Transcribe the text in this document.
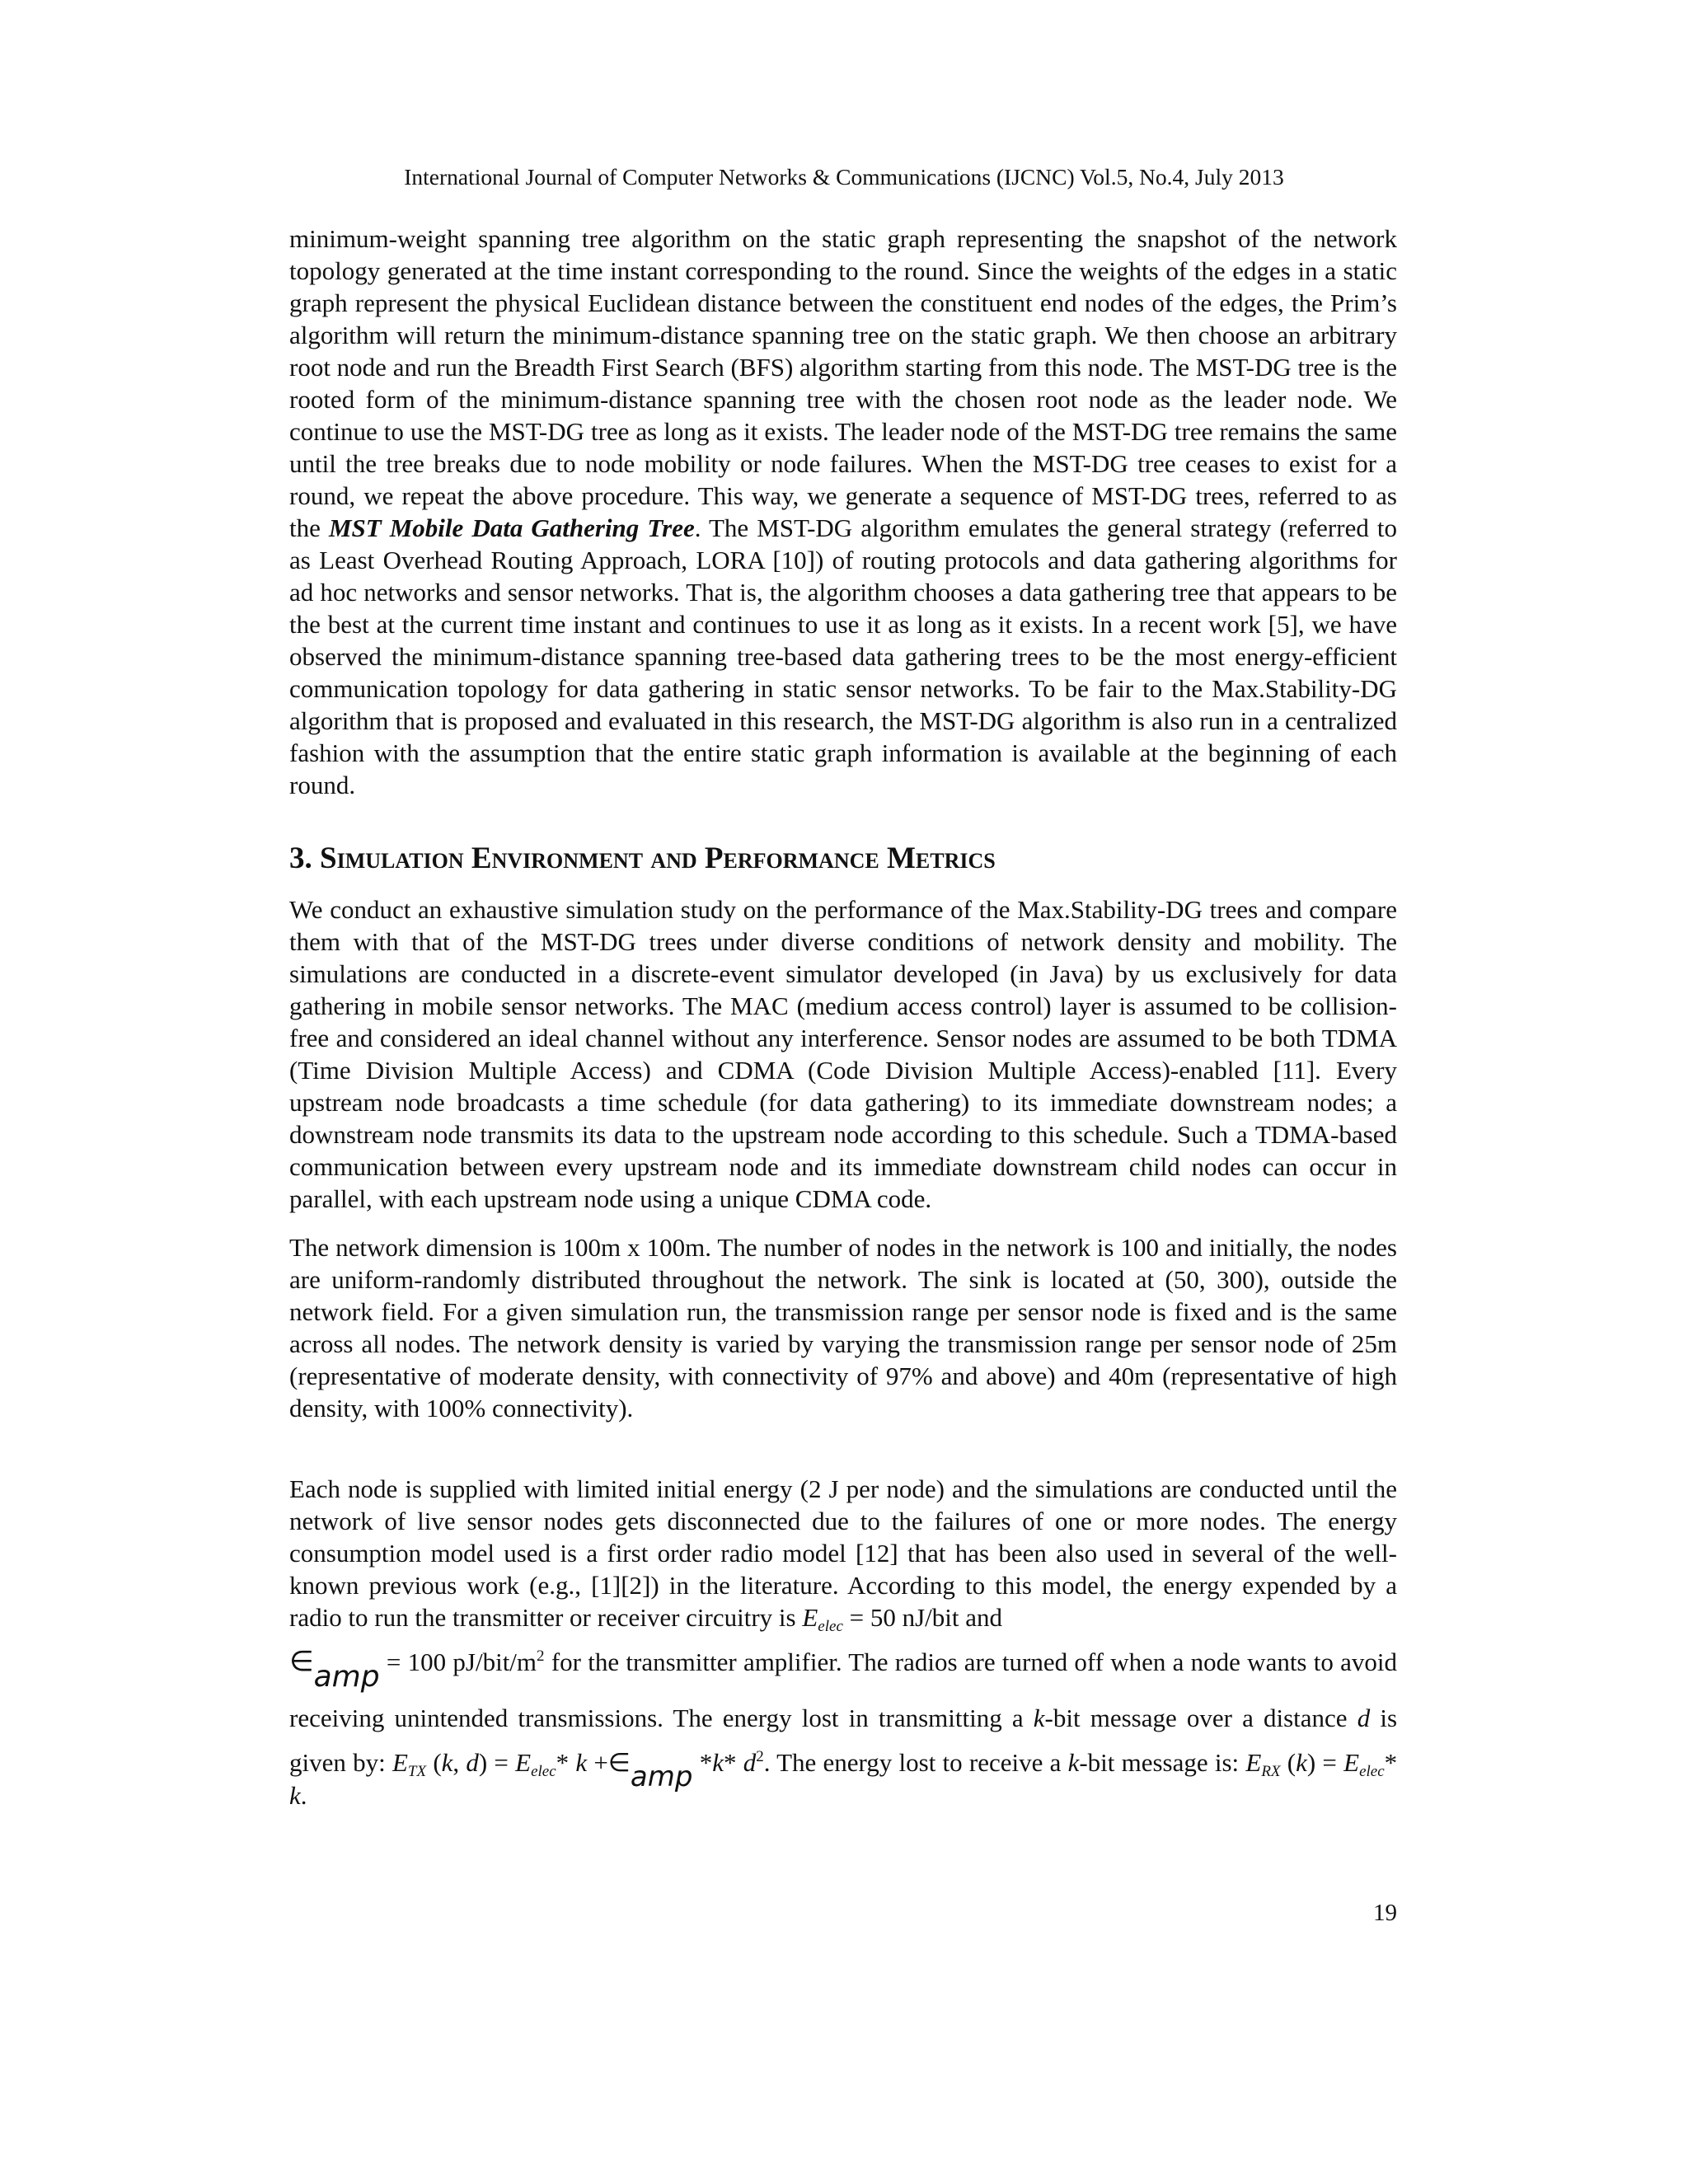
International Journal of Computer Networks & Communications (IJCNC) Vol.5, No.4, July 2013

minimum-weight spanning tree algorithm on the static graph representing the snapshot of the network topology generated at the time instant corresponding to the round. Since the weights of the edges in a static graph represent the physical Euclidean distance between the constituent end nodes of the edges, the Prim’s algorithm will return the minimum-distance spanning tree on the static graph. We then choose an arbitrary root node and run the Breadth First Search (BFS) algorithm starting from this node. The MST-DG tree is the rooted form of the minimum-distance spanning tree with the chosen root node as the leader node. We continue to use the MST-DG tree as long as it exists. The leader node of the MST-DG tree remains the same until the tree breaks due to node mobility or node failures. When the MST-DG tree ceases to exist for a round, we repeat the above procedure. This way, we generate a sequence of MST-DG trees, referred to as the MST Mobile Data Gathering Tree. The MST-DG algorithm emulates the general strategy (referred to as Least Overhead Routing Approach, LORA [10]) of routing protocols and data gathering algorithms for ad hoc networks and sensor networks. That is, the algorithm chooses a data gathering tree that appears to be the best at the current time instant and continues to use it as long as it exists. In a recent work [5], we have observed the minimum-distance spanning tree-based data gathering trees to be the most energy-efficient communication topology for data gathering in static sensor networks. To be fair to the Max.Stability-DG algorithm that is proposed and evaluated in this research, the MST-DG algorithm is also run in a centralized fashion with the assumption that the entire static graph information is available at the beginning of each round.

3. Simulation Environment and Performance Metrics

We conduct an exhaustive simulation study on the performance of the Max.Stability-DG trees and compare them with that of the MST-DG trees under diverse conditions of network density and mobility. The simulations are conducted in a discrete-event simulator developed (in Java) by us exclusively for data gathering in mobile sensor networks. The MAC (medium access control) layer is assumed to be collision-free and considered an ideal channel without any interference. Sensor nodes are assumed to be both TDMA (Time Division Multiple Access) and CDMA (Code Division Multiple Access)-enabled [11]. Every upstream node broadcasts a time schedule (for data gathering) to its immediate downstream nodes; a downstream node transmits its data to the upstream node according to this schedule. Such a TDMA-based communication between every upstream node and its immediate downstream child nodes can occur in parallel, with each upstream node using a unique CDMA code.

The network dimension is 100m x 100m. The number of nodes in the network is 100 and initially, the nodes are uniform-randomly distributed throughout the network. The sink is located at (50, 300), outside the network field. For a given simulation run, the transmission range per sensor node is fixed and is the same across all nodes. The network density is varied by varying the transmission range per sensor node of 25m (representative of moderate density, with connectivity of 97% and above) and 40m (representative of high density, with 100% connectivity).

Each node is supplied with limited initial energy (2 J per node) and the simulations are conducted until the network of live sensor nodes gets disconnected due to the failures of one or more nodes. The energy consumption model used is a first order radio model [12] that has been also used in several of the well-known previous work (e.g., [1][2]) in the literature. According to this model, the energy expended by a radio to run the transmitter or receiver circuitry is $E_{elec} = 50$ nJ/bit and
∈amp = 100 $pJ/bit/m^2$ for the transmitter amplifier. The radios are turned off when a node wants to avoid receiving unintended transmissions. The energy lost in transmitting a k-bit message over a distance d is given by: $E_{TX}$ (k, $d) = E_{elec}*$ k +∈amp *k* $d^2$. The energy lost to receive a k-bit message is: $E_{RX}$ $(k) = E_{elec}*$ k.

19
